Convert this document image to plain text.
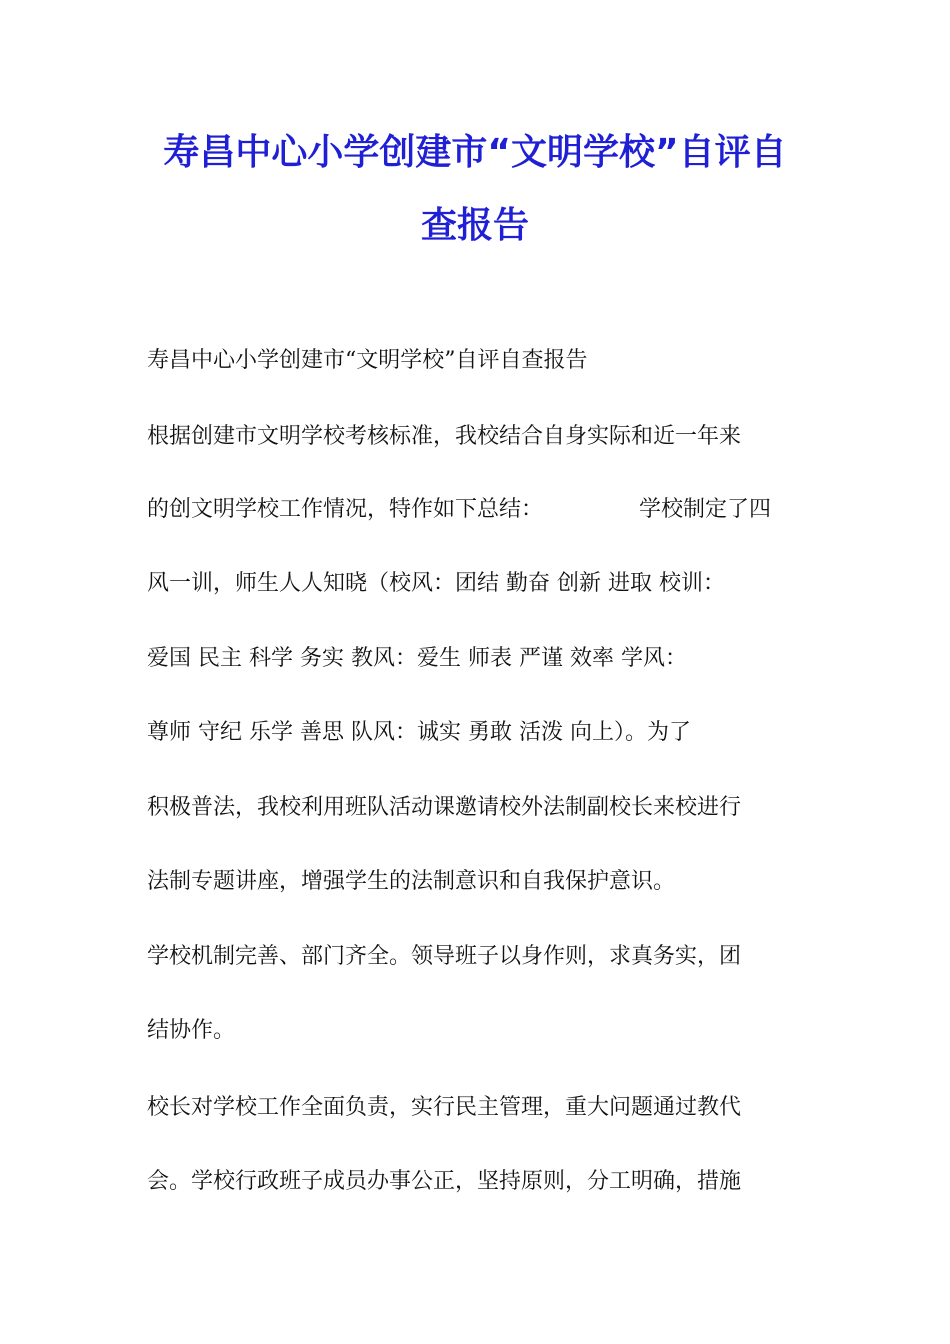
寿昌中心小学创建市“文明学校”自评自
查报告

寿昌中心小学创建市“文明学校”自评自查报告

根据创建市文明学校考核标准，我校结合自身实际和近一年来

的创文明学校工作情况，特作如下总结：	学校制定了四

风一训，师生人人知晓（校风：团结 勤奋 创新 进取 校训：

爱国 民主 科学 务实 教风：爱生 师表 严谨 效率 学风：

尊师 守纪 乐学 善思 队风：诚实 勇敢 活泼 向上）。为了

积极普法，我校利用班队活动课邀请校外法制副校长来校进行

法制专题讲座，增强学生的法制意识和自我保护意识。

学校机制完善、部门齐全。领导班子以身作则，求真务实，团

结协作。

校长对学校工作全面负责，实行民主管理，重大问题通过教代

会。学校行政班子成员办事公正，坚持原则，分工明确，措施
